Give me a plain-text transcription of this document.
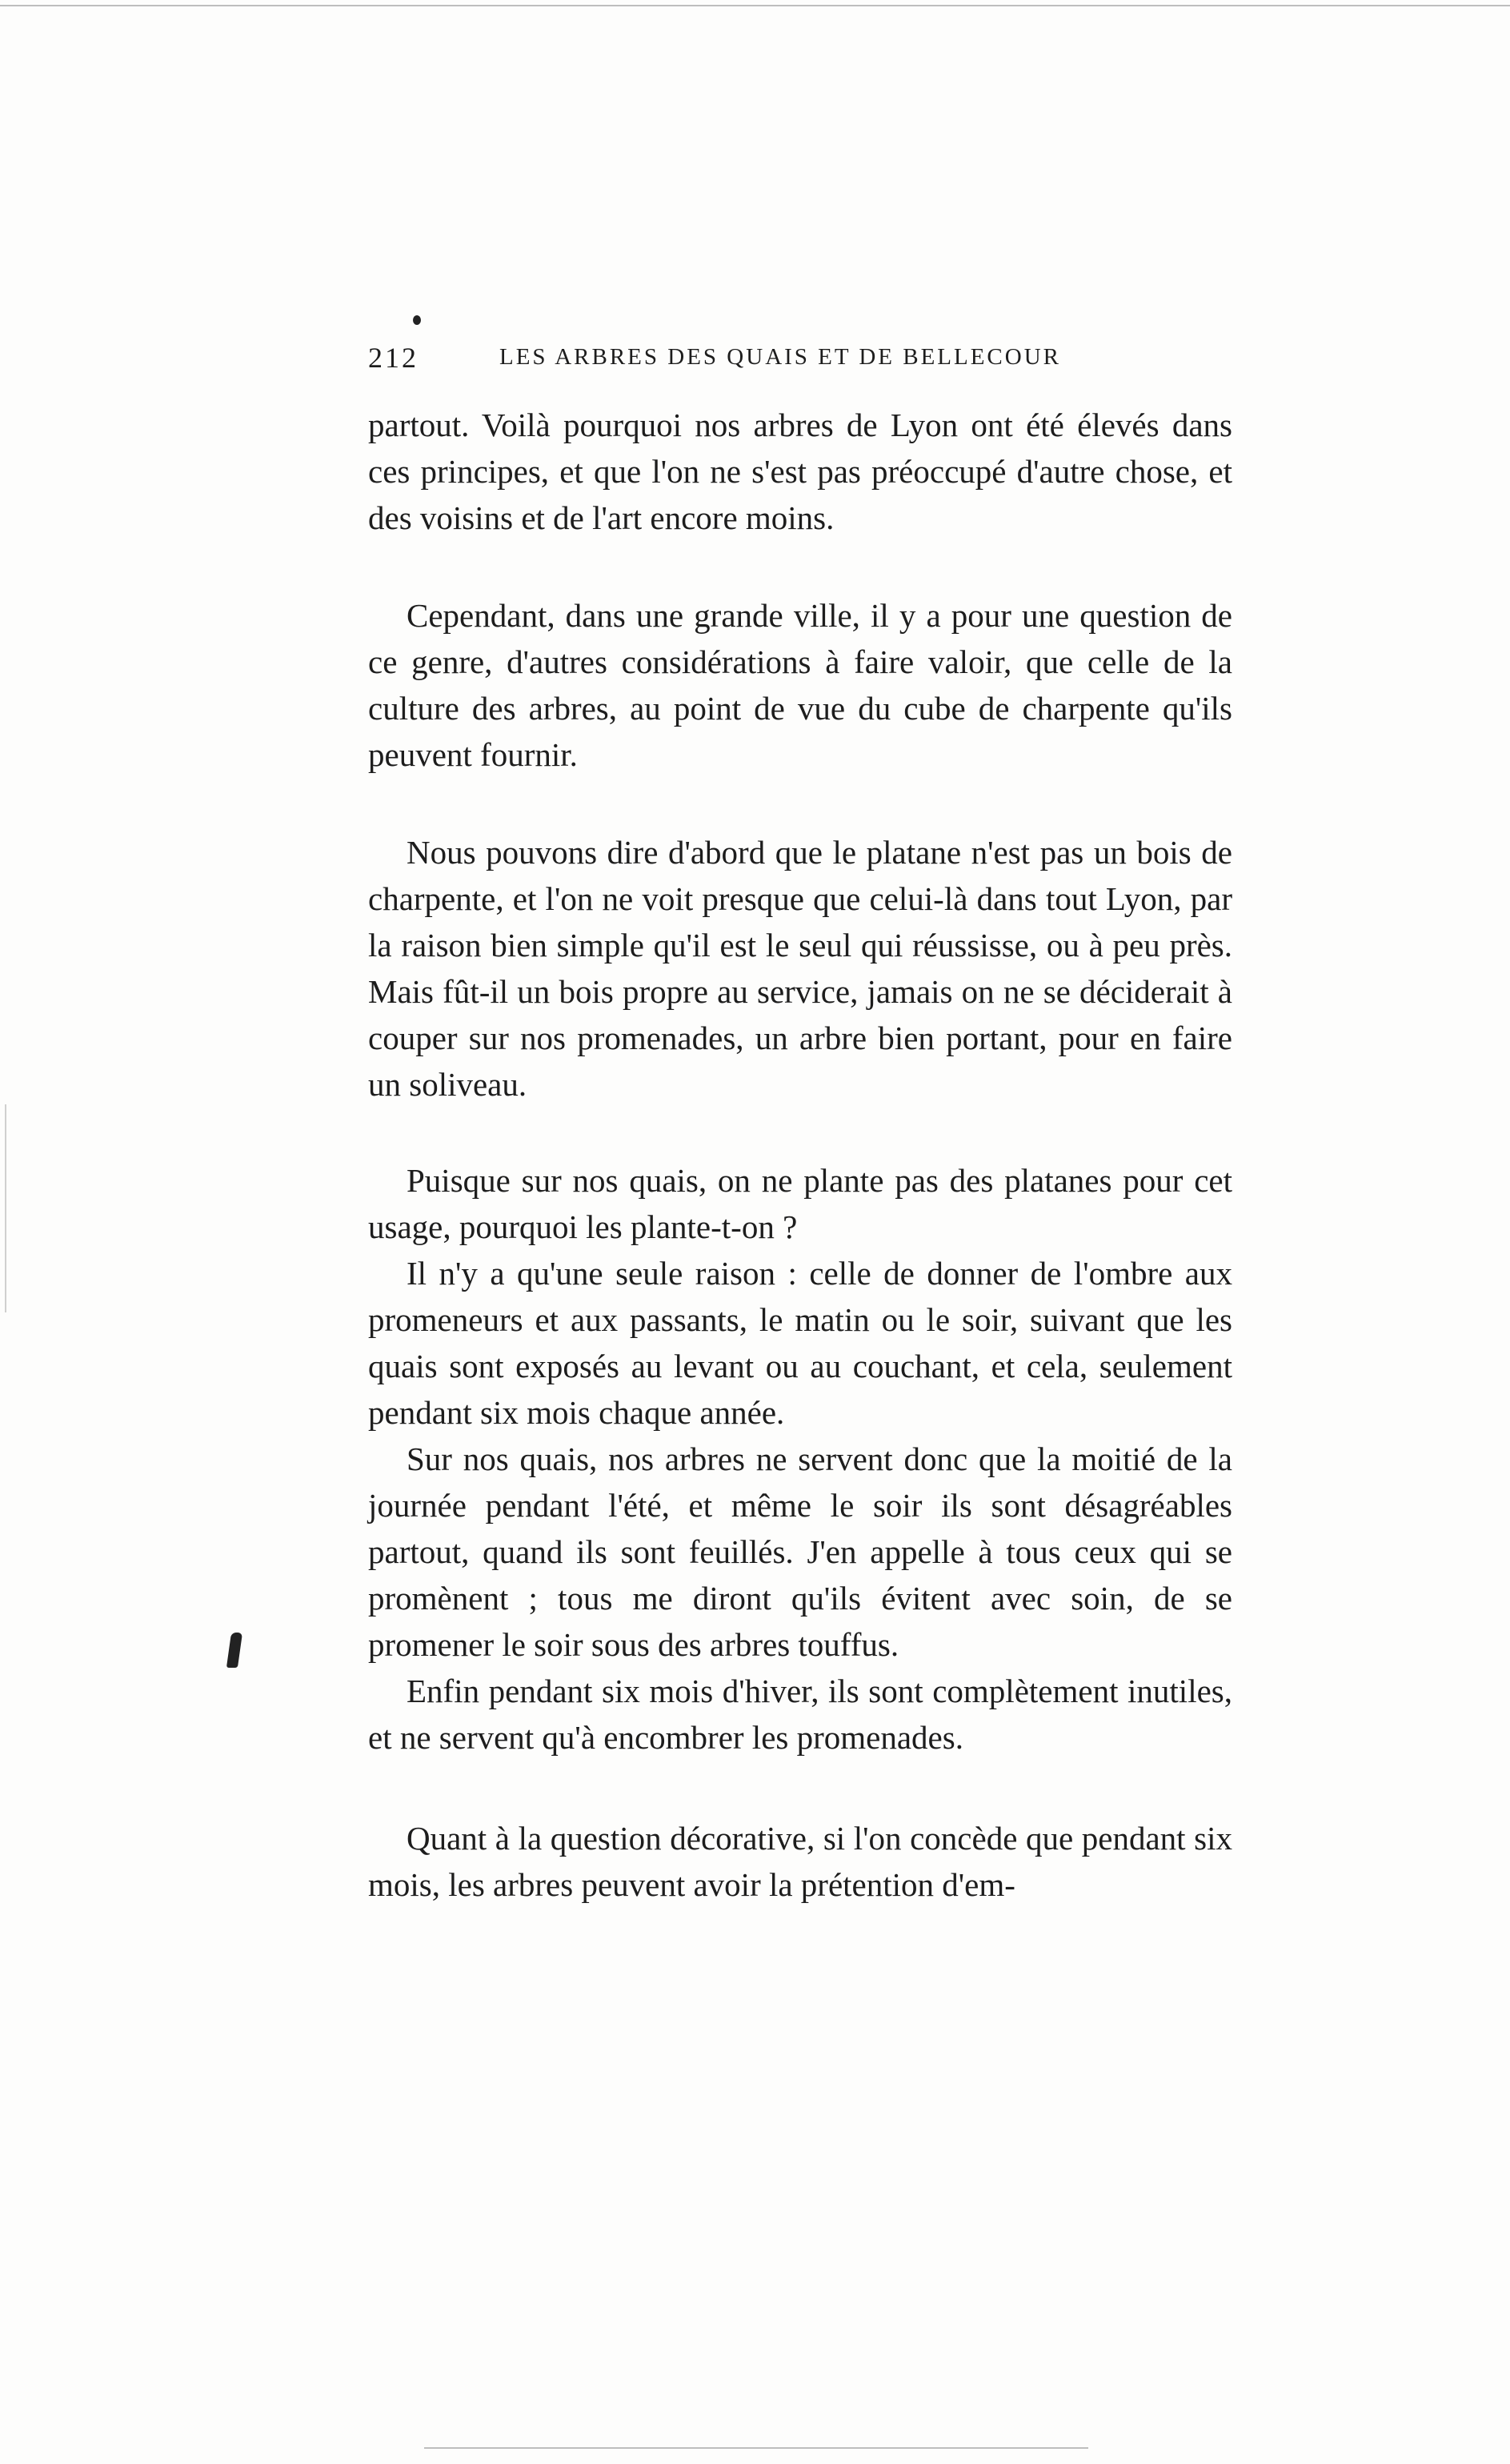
212	LES ARBRES DES QUAIS ET DE BELLECOUR

partout. Voilà pourquoi nos arbres de Lyon ont été élevés dans ces principes, et que l'on ne s'est pas préoccupé d'autre chose, et des voisins et de l'art encore moins.

Cependant, dans une grande ville, il y a pour une question de ce genre, d'autres considérations à faire valoir, que celle de la culture des arbres, au point de vue du cube de charpente qu'ils peuvent fournir.

Nous pouvons dire d'abord que le platane n'est pas un bois de charpente, et l'on ne voit presque que celui-là dans tout Lyon, par la raison bien simple qu'il est le seul qui réussisse, ou à peu près. Mais fût-il un bois propre au service, jamais on ne se déciderait à couper sur nos promenades, un arbre bien portant, pour en faire un soliveau.

Puisque sur nos quais, on ne plante pas des platanes pour cet usage, pourquoi les plante-t-on ?

Il n'y a qu'une seule raison : celle de donner de l'ombre aux promeneurs et aux passants, le matin ou le soir, suivant que les quais sont exposés au levant ou au couchant, et cela, seulement pendant six mois chaque année.

Sur nos quais, nos arbres ne servent donc que la moitié de la journée pendant l'été, et même le soir ils sont désagréables partout, quand ils sont feuillés. J'en appelle à tous ceux qui se promènent ; tous me diront qu'ils évitent avec soin, de se promener le soir sous des arbres touffus.

Enfin pendant six mois d'hiver, ils sont complètement inutiles, et ne servent qu'à encombrer les promenades.

Quant à la question décorative, si l'on concède que pendant six mois, les arbres peuvent avoir la prétention d'em-
